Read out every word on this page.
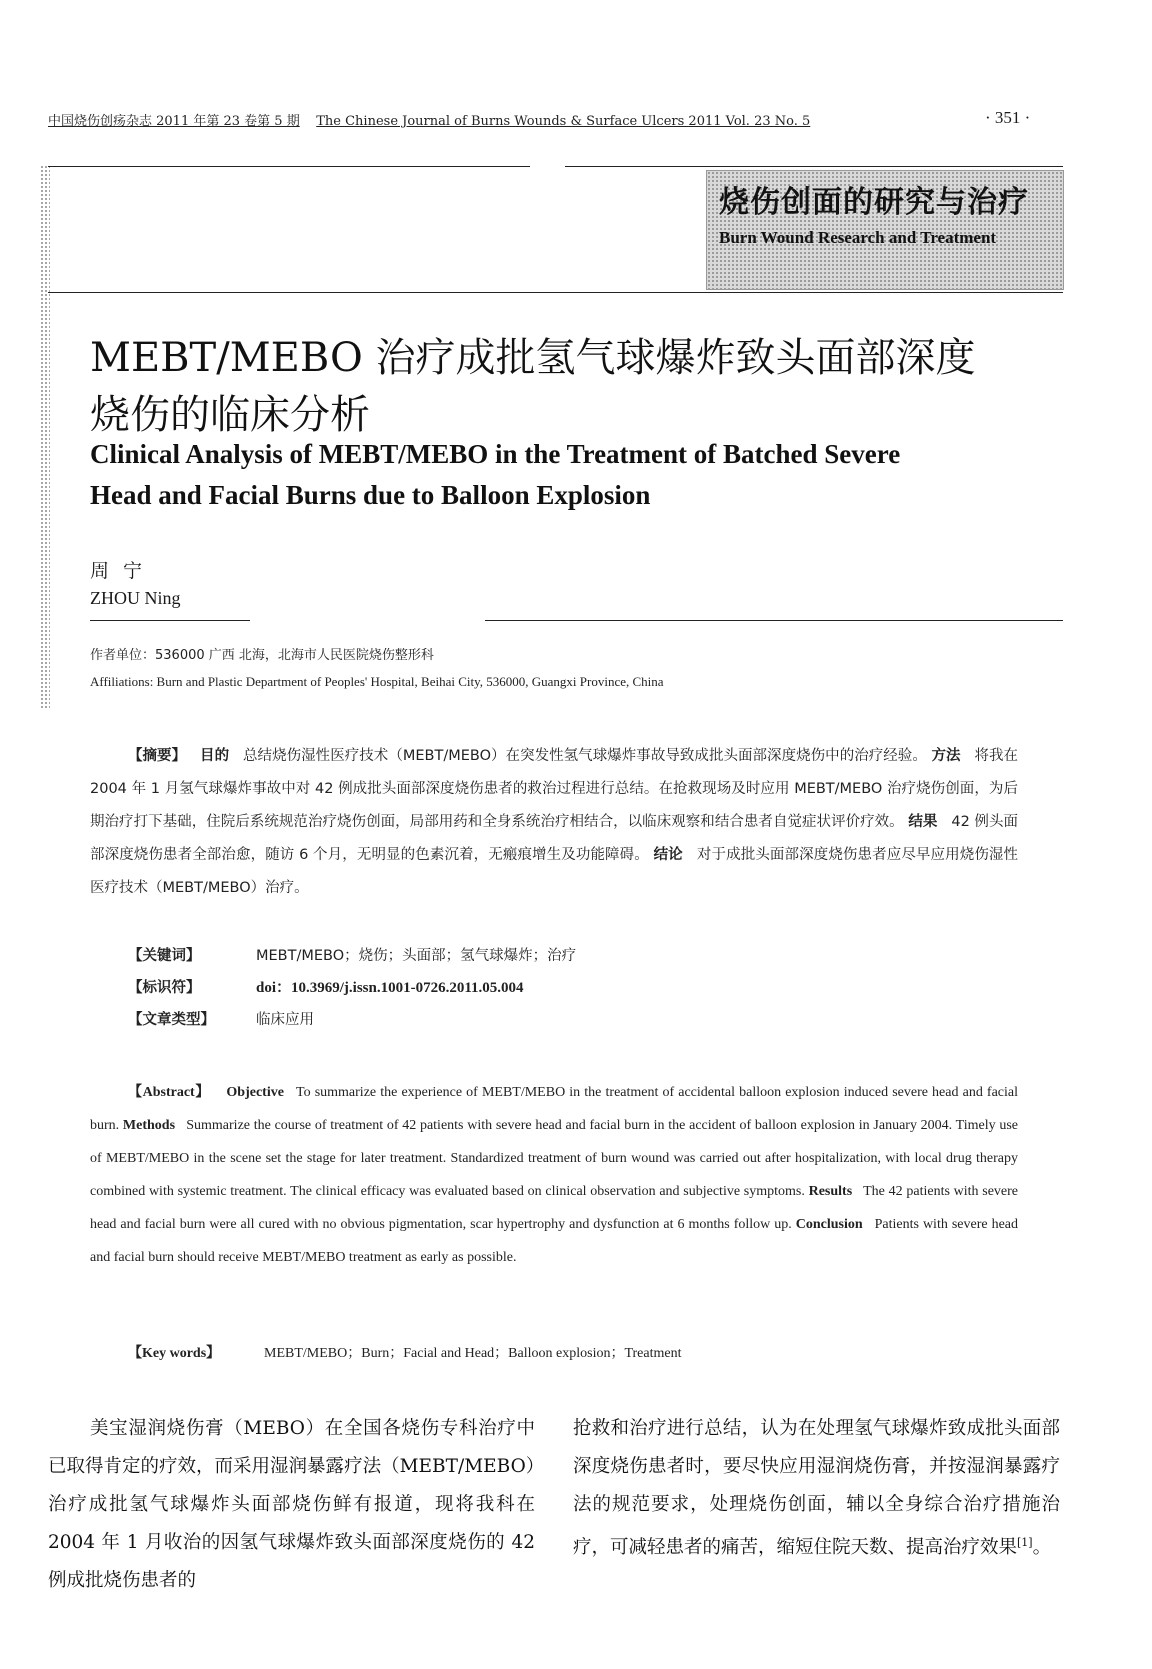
中国烧伤创疡杂志 2011 年第 23 卷第 5 期 The Chinese Journal of Burns Wounds & Surface Ulcers 2011 Vol. 23 No. 5	· 351 ·
烧伤创面的研究与治疗
Burn Wound Research and Treatment
MEBT/MEBO 治疗成批氢气球爆炸致头面部深度
烧伤的临床分析
Clinical Analysis of MEBT/MEBO in the Treatment of Batched Severe
Head and Facial Burns due to Balloon Explosion
周宁
ZHOU Ning
作者单位：536000 广西 北海，北海市人民医院烧伤整形科
Affiliations: Burn and Plastic Department of Peoples' Hospital, Beihai City, 536000, Guangxi Province, China
【摘要】 目的 总结烧伤湿性医疗技术（MEBT/MEBO）在突发性氢气球爆炸事故导致成批头面部深度烧伤中的治疗经验。 方法 将我在 2004 年 1 月氢气球爆炸事故中对 42 例成批头面部深度烧伤患者的救治过程进行总结。在抢救现场及时应用 MEBT/MEBO 治疗烧伤创面，为后期治疗打下基础，住院后系统规范治疗烧伤创面，局部用药和全身系统治疗相结合，以临床观察和结合患者自觉症状评价疗效。 结果 42 例头面部深度烧伤患者全部治愈，随访 6 个月，无明显的色素沉着，无瘢痕增生及功能障碍。 结论 对于成批头面部深度烧伤患者应尽早应用烧伤湿性医疗技术（MEBT/MEBO）治疗。
【关键词】	MEBT/MEBO；烧伤；头面部；氢气球爆炸；治疗
【标识符】	doi：10.3969/j.issn.1001-0726.2011.05.004
【文章类型】	临床应用
【Abstract】 Objective To summarize the experience of MEBT/MEBO in the treatment of accidental balloon explosion induced severe head and facial burn. Methods Summarize the course of treatment of 42 patients with severe head and facial burn in the accident of balloon explosion in January 2004. Timely use of MEBT/MEBO in the scene set the stage for later treatment. Standardized treatment of burn wound was carried out after hospitalization, with local drug therapy combined with systemic treatment. The clinical efficacy was evaluated based on clinical observation and subjective symptoms. Results The 42 patients with severe head and facial burn were all cured with no obvious pigmentation, scar hypertrophy and dysfunction at 6 months follow up. Conclusion Patients with severe head and facial burn should receive MEBT/MEBO treatment as early as possible.
【Key words】	MEBT/MEBO；Burn；Facial and Head；Balloon explosion；Treatment
美宝湿润烧伤膏（MEBO）在全国各烧伤专科治疗中已取得肯定的疗效，而采用湿润暴露疗法（MEBT/MEBO）治疗成批氢气球爆炸头面部烧伤鲜有报道，现将我科在 2004 年 1 月收治的因氢气球爆炸致头面部深度烧伤的 42 例成批烧伤患者的
抢救和治疗进行总结，认为在处理氢气球爆炸致成批头面部深度烧伤患者时，要尽快应用湿润烧伤膏，并按湿润暴露疗法的规范要求，处理烧伤创面，辅以全身综合治疗措施治疗，可减轻患者的痛苦，缩短住院天数、提高治疗效果[1]。
